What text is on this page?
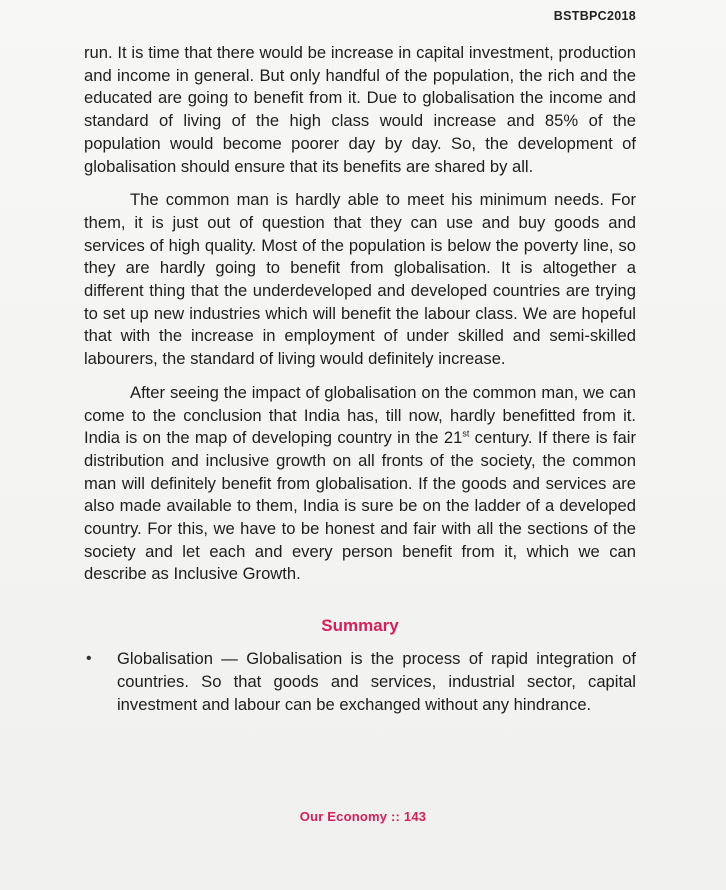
BSTBPC2018

run. It is time that there would be increase in capital investment, production and income in general. But only handful of the population, the rich and the educated are going to benefit from it. Due to globalisation the income and standard of living of the high class would increase and 85% of the population would become poorer day by day. So, the development of globalisation should ensure that its benefits are shared by all.

The common man is hardly able to meet his minimum needs. For them, it is just out of question that they can use and buy goods and services of high quality. Most of the population is below the poverty line, so they are hardly going to benefit from globalisation. It is altogether a different thing that the underdeveloped and developed countries are trying to set up new industries which will benefit the labour class. We are hopeful that with the increase in employment of under skilled and semi-skilled labourers, the standard of living would definitely increase.

After seeing the impact of globalisation on the common man, we can come to the conclusion that India has, till now, hardly benefitted from it. India is on the map of developing country in the 21st century. If there is fair distribution and inclusive growth on all fronts of the society, the common man will definitely benefit from globalisation. If the goods and services are also made available to them, India is sure be on the ladder of a developed country. For this, we have to be honest and fair with all the sections of the society and let each and every person benefit from it, which we can describe as Inclusive Growth.

Summary
• Globalisation — Globalisation is the process of rapid integration of countries. So that goods and services, industrial sector, capital investment and labour can be exchanged without any hindrance.
Our Economy :: 143
